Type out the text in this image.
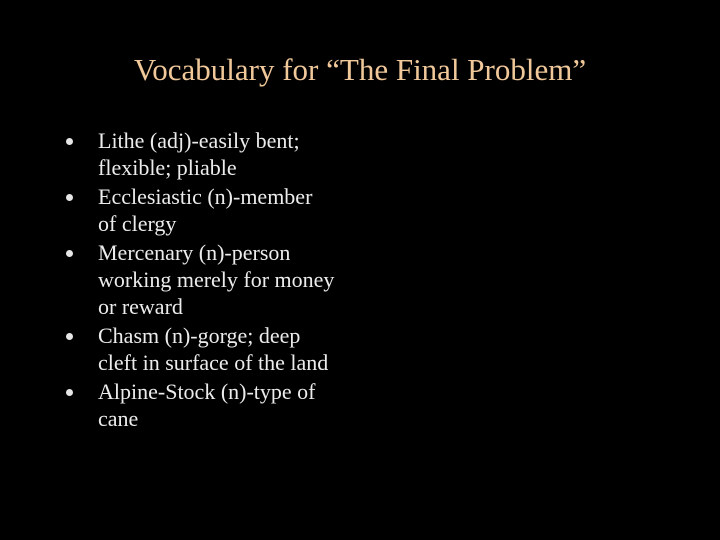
Vocabulary for “The Final Problem”
Lithe (adj)-easily bent;
flexible; pliable
Ecclesiastic (n)-member
of clergy
Mercenary (n)-person
working merely for money
or reward
Chasm (n)-gorge; deep
cleft in surface of the land
Alpine-Stock (n)-type of
cane
